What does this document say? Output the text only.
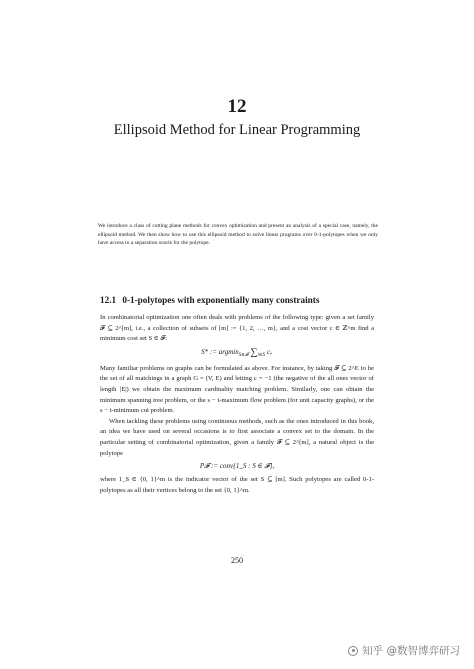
12
Ellipsoid Method for Linear Programming
We introduce a class of cutting plane methods for convex optimization and present an analysis of a special case, namely, the ellipsoid method. We then show how to use this ellipsoid method to solve linear programs over 0-1-polytopes when we only have access to a separation oracle for the polytope.
12.1 0-1-polytopes with exponentially many constraints

In combinatorial optimization one often deals with problems of the following type: given a set family 𝓕 ⊆ 2^[m], i.e., a collection of subsets of [m] := {1, 2, …, m}, and a cost vector c ∈ ℤ^m find a minimum cost set S ∈ 𝓕:

S* := argmin$_{S\in 𝓕}$ $\sum_{i\in S}$ cᵢ.

Many familiar problems on graphs can be formulated as above. For instance, by taking 𝓕 ⊆ 2^E to be the set of all matchings in a graph G = (V, E) and letting c = −1 (the negative of the all ones vector of length |E|) we obtain the maximum cardinality matching problem. Similarly, one can obtain the minimum spanning tree problem, or the s − t-maximum flow problem (for unit capacity graphs), or the s − t-minimum cut problem.

When tackling these problems using continuous methods, such as the ones introduced in this book, an idea we have used on several occasions is to first associate a convex set to the domain. In the particular setting of combinatorial optimization, given a family 𝓕 ⊆ 2^[m], a natural object is the polytope

P𝓕 := conv{1_S : S ∈ 𝓕},

where 1_S ∈ {0, 1}^m is the indicator vector of the set S ⊆ [m]. Such polytopes are called 0-1-polytopes as all their vertices belong to the set {0, 1}^m.

250
知乎 @数智博弈研习
